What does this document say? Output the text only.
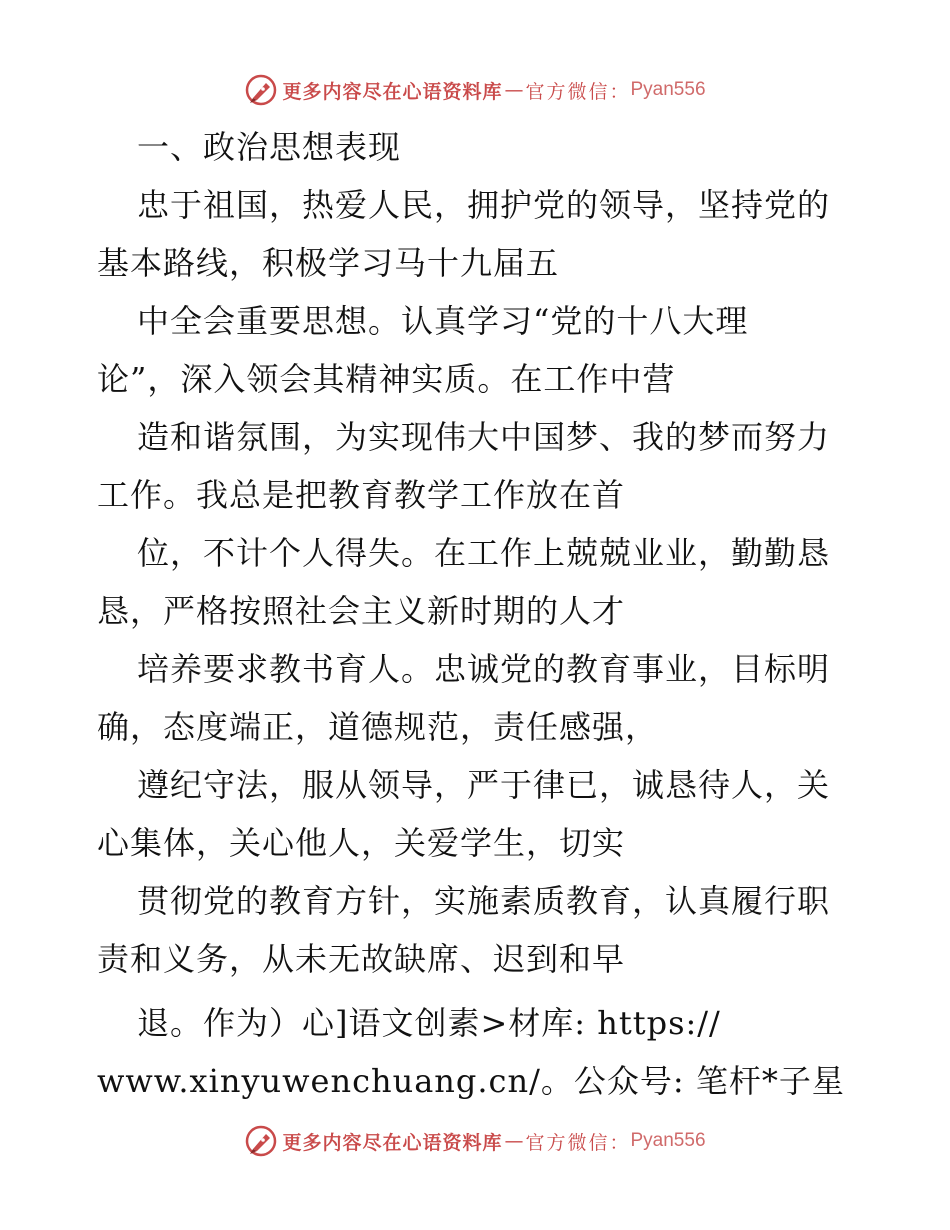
更多内容尽在心语资料库 — 官方微信： Pyan556
一、政治思想表现
忠于祖国，热爱人民，拥护党的领导，坚持党的
基本路线，积极学习马十九届五
中全会重要思想。认真学习“党的十八大理
论”，深入领会其精神实质。在工作中营
造和谐氛围，为实现伟大中国梦、我的梦而努力
工作。我总是把教育教学工作放在首
位，不计个人得失。在工作上兢兢业业，勤勤恳
恳，严格按照社会主义新时期的人才
培养要求教书育人。忠诚党的教育事业，目标明
确，态度端正，道德规范，责任感强，
遵纪守法，服从领导，严于律已，诚恳待人，关
心集体，关心他人，关爱学生，切实
贯彻党的教育方针，实施素质教育，认真履行职
责和义务，从未无故缺席、迟到和早
退。作为）心]语文创素>材库: https://
www.xinyuwenchuang.cn/。公众号: 笔杆*子星
更多内容尽在心语资料库 — 官方微信： Pyan556
